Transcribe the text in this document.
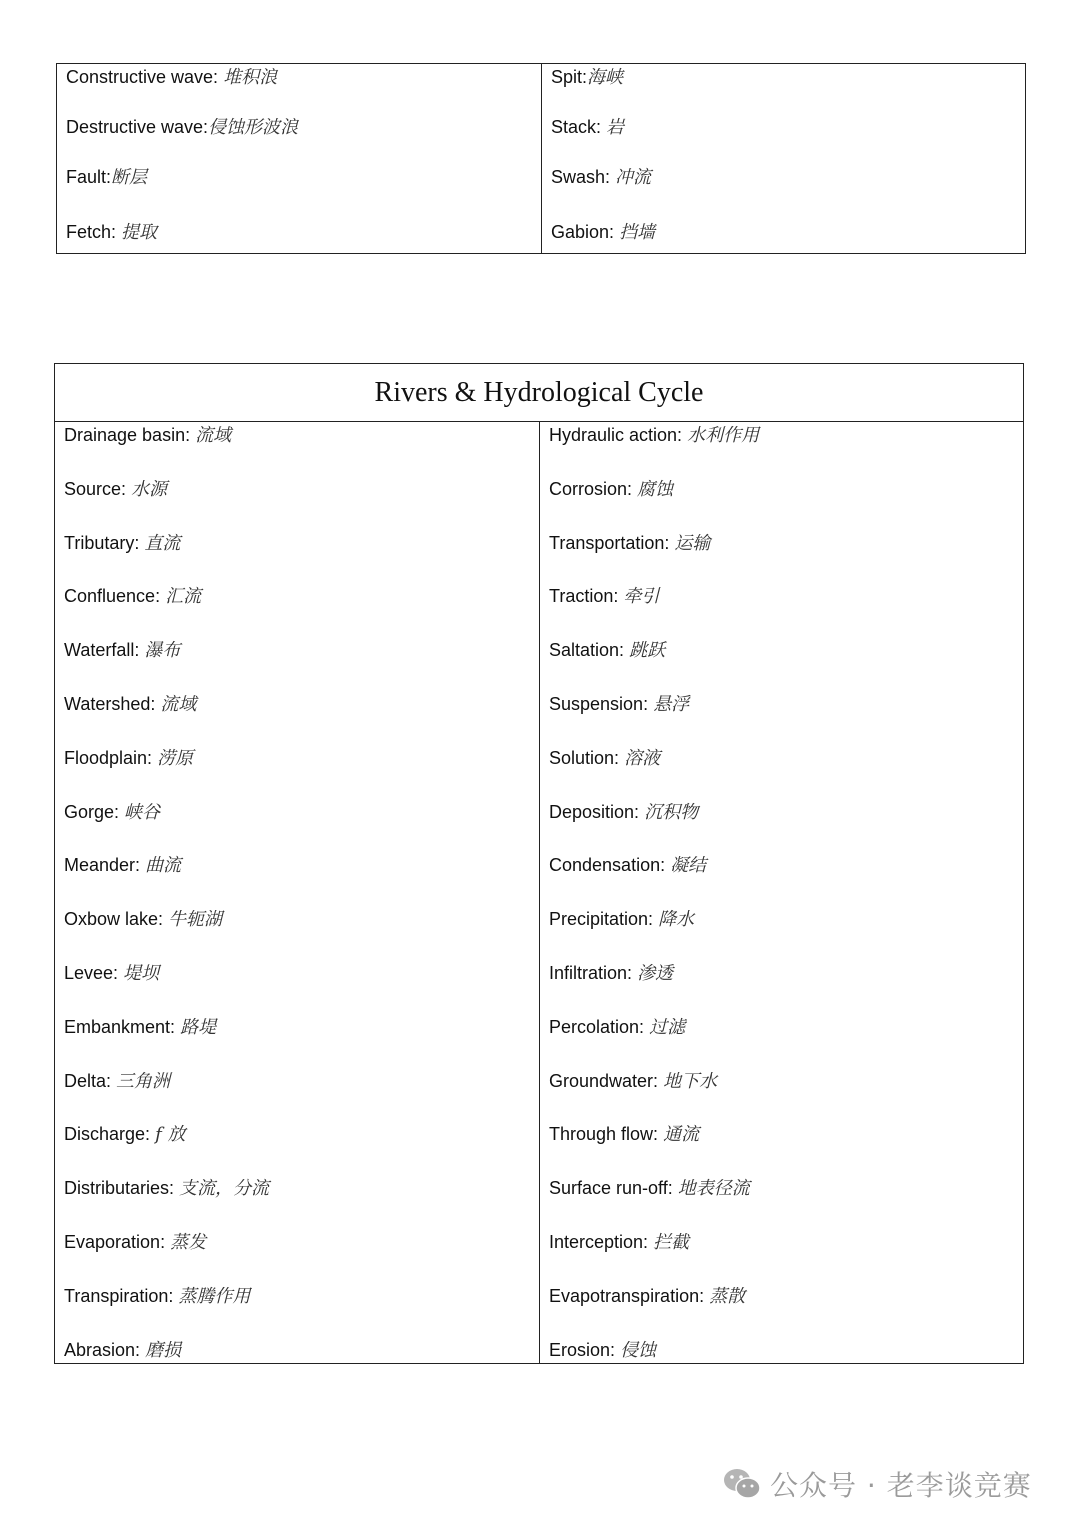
Constructive wave: 堆积浪
Destructive wave:侵蚀形波浪
Fault:断层
Fetch: 提取
Spit:海峡
Stack: 岩
Swash: 冲流
Gabion: 挡墙
Rivers & Hydrological Cycle
Drainage basin: 流域
Source: 水源
Tributary: 直流
Confluence: 汇流
Waterfall: 瀑布
Watershed: 流域
Floodplain: 涝原
Gorge: 峡谷
Meander: 曲流
Oxbow lake: 牛轭湖
Levee: 堤坝
Embankment: 路堤
Delta: 三角洲
Discharge: f 放
Distributaries: 支流，分流
Evaporation: 蒸发
Transpiration: 蒸腾作用
Abrasion: 磨损
Hydraulic action: 水利作用
Corrosion: 腐蚀
Transportation: 运输
Traction: 牵引
Saltation: 跳跃
Suspension: 悬浮
Solution: 溶液
Deposition: 沉积物
Condensation: 凝结
Precipitation: 降水
Infiltration: 渗透
Percolation: 过滤
Groundwater: 地下水
Through flow: 通流
Surface run-off: 地表径流
Interception: 拦截
Evapotranspiration: 蒸散
Erosion: 侵蚀
公众号 · 老李谈竞赛
